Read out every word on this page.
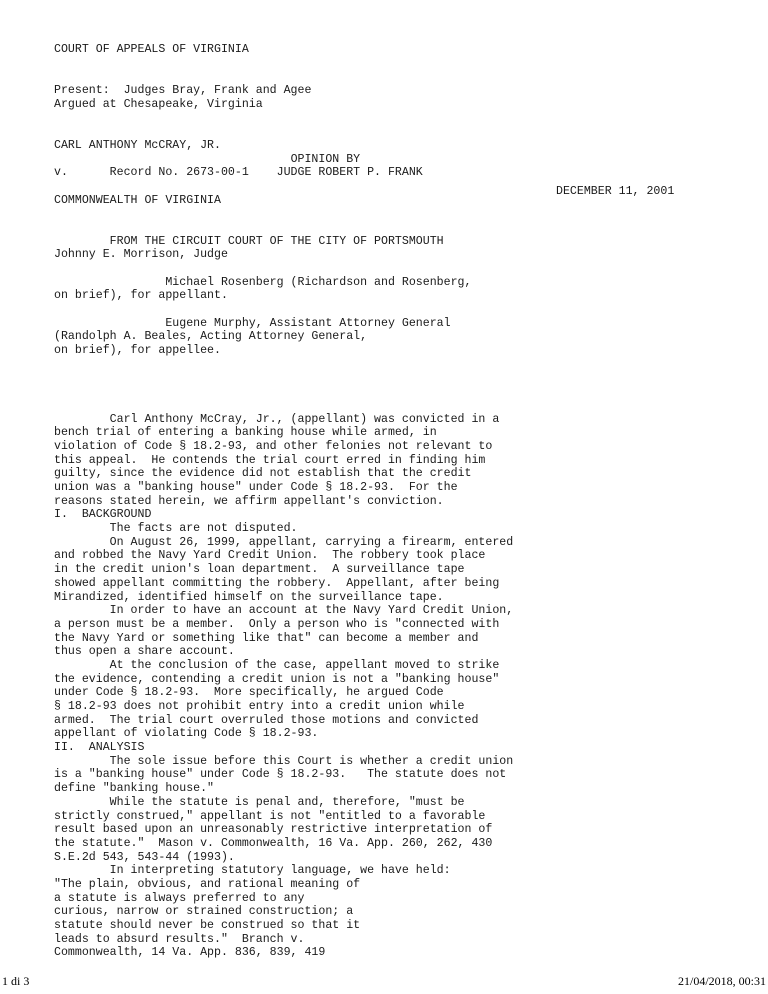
COURT OF APPEALS OF VIRGINIA

Present:  Judges Bray, Frank and Agee
Argued at Chesapeake, Virginia

CARL ANTHONY McCRAY, JR.
OPINION BY
v.      Record No. 2673-00-1    JUDGE ROBERT P. FRANK

COMMONWEALTH OF VIRGINIA

FROM THE CIRCUIT COURT OF THE CITY OF PORTSMOUTH
Johnny E. Morrison, Judge

Michael Rosenberg (Richardson and Rosenberg,
on brief), for appellant.

Eugene Murphy, Assistant Attorney General
(Randolph A. Beales, Acting Attorney General,
on brief), for appellee.

Carl Anthony McCray, Jr., (appellant) was convicted in a
bench trial of entering a banking house while armed, in
violation of Code § 18.2-93, and other felonies not relevant to
this appeal.  He contends the trial court erred in finding him
guilty, since the evidence did not establish that the credit
union was a "banking house" under Code § 18.2-93.  For the
reasons stated herein, we affirm appellant's conviction.
I.  BACKGROUND
The facts are not disputed.
On August 26, 1999, appellant, carrying a firearm, entered
and robbed the Navy Yard Credit Union.  The robbery took place
in the credit union's loan department.  A surveillance tape
showed appellant committing the robbery.  Appellant, after being
Mirandized, identified himself on the surveillance tape.
In order to have an account at the Navy Yard Credit Union,
a person must be a member.  Only a person who is "connected with
the Navy Yard or something like that" can become a member and
thus open a share account.
At the conclusion of the case, appellant moved to strike
the evidence, contending a credit union is not a "banking house"
under Code § 18.2-93.  More specifically, he argued Code
§ 18.2-93 does not prohibit entry into a credit union while
armed.  The trial court overruled those motions and convicted
appellant of violating Code § 18.2-93.
II.  ANALYSIS
The sole issue before this Court is whether a credit union
is a "banking house" under Code § 18.2-93.   The statute does not
define "banking house."
While the statute is penal and, therefore, "must be
strictly construed," appellant is not "entitled to a favorable
result based upon an unreasonably restrictive interpretation of
the statute."  Mason v. Commonwealth, 16 Va. App. 260, 262, 430
S.E.2d 543, 543-44 (1993).
In interpreting statutory language, we have held:
"The plain, obvious, and rational meaning of
a statute is always preferred to any
curious, narrow or strained construction; a
statute should never be construed so that it
leads to absurd results."  Branch v.
Commonwealth, 14 Va. App. 836, 839, 419
DECEMBER 11, 2001
1 di 3	21/04/2018, 00:31
